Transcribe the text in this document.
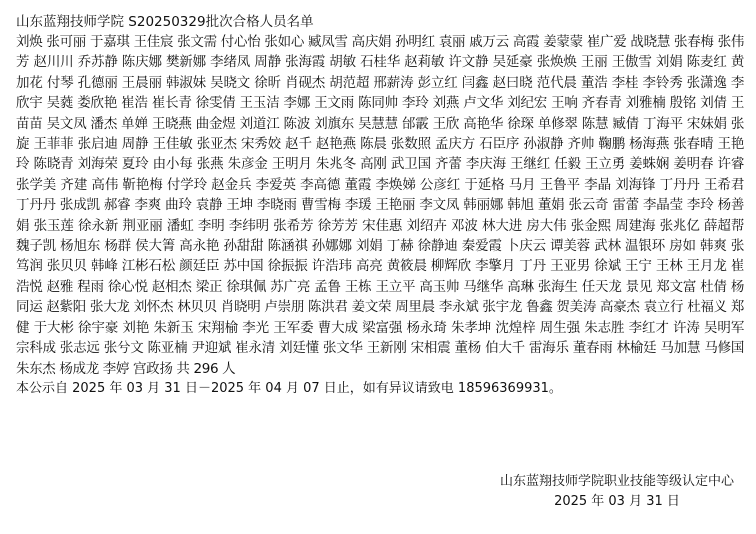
山东蓝翔技师学院 S20250329批次合格人员名单

刘焕 张可丽 于嘉琪 王佳宸 张文需 付心怡 张如心 臧凤雪 高庆娟 孙明红 袁丽 戚万云 高霞 姜蒙蒙 崔广爱 战晓慧 张春梅 张伟芳 赵川川 乔苏静 陈庆娜 樊新娜 李绪凤 周静 张海霞 胡敏 石桂华 赵莉敏 许文静 吴延豪 张焕焕 王丽 王傲雪 刘娟 陈麦红 黄加花 付琴 孔德丽 王晨丽 韩淑妹 吴晓文 徐昕 肖砚杰 胡范超 邢薪涛 彭立红 闫鑫 赵曰晓 范代晨 董浩 李桂 李铃秀 张潇逸 李欣宇 吴蕤 娄欣艳 崔浩 崔长青 徐雯倩 王玉洁 李娜 王文雨 陈同帅 李玲 刘燕 卢文华 刘纪宏 王响 齐春青 刘雅楠 殷铭 刘倩 王苗苗 吴文凤 潘杰 单婵 王晓燕 曲金煜 刘道江 陈波 刘旗东 吴慧慧 邰霰 王欣 高艳华 徐琛 单修翠 陈慧 臧倩 丁海平 宋妹娟 张旋 王菲菲 张启迪 周静 王佳敏 张亚杰 宋秀姣 赵千 赵艳燕 陈晨 张数照 孟庆方 石臣序 孙淑静 齐帅 鞠鹏 杨海燕 张春晴 王艳玲 陈晓青 刘海荣 夏玲 由小每 张燕 朱彦金 王明月 朱兆冬 高刚 武卫国 齐蕾 李庆海 王继红 任毅 王立勇 姜蛛娴 姜明春 许睿 张学美 齐建 高伟 靳艳梅 付学玲 赵金兵 李爱英 李高德 董霞 李焕娣 公彦红 于延格 马月 王鲁平 李晶 刘海锋 丁丹丹 王希君 丁丹丹 张成凯 郝睿 李爽 曲玲 袁静 王坤 李晓雨 曹雪梅 李瑗 王艳丽 李文凤 韩丽娜 韩旭 董娟 张云奇 雷蕾 李晶莹 李玲 杨善娟 张玉莲 徐永新 荆亚丽 潘虹 李明 李纬明 张希芳 徐芳芳 宋佳惠 刘绍卉 邓波 林大进 房大伟 张金熙 周建海 张兆亿 薛超帮 魏子凯 杨旭东 杨群 侯大箐 高永艳 孙甜甜 陈涵祺 孙娜娜 刘娟 丁赫 徐静迪 秦爱霞 卜庆云 谭美蓉 武林 温银环 房如 韩爽 张笃润 张贝贝 韩峰 江彬石松 颜廷臣 苏中国 徐振振 许浩玮 高亮 黄筱晨 柳辉欣 李擎月 丁丹 王亚男 徐斌 王宁 王林 王月龙 崔浩悦 赵雅 程雨 徐心悦 赵相杰 梁正 徐琪佩 苏广亮 孟鲁 王栋 王立平 高玉帅 马继华 高琳 张海生 任天龙 景见 郑文富 杜倩 杨同运 赵紫阳 张大龙 刘怀杰 林贝贝 肖晓明 卢崇朋 陈洪君 姜文荣 周里晨 李永斌 张宇龙 鲁鑫 贺美涛 高豪杰 袁立行 杜福义 郑健 于大彬 徐宇豪 刘艳 朱新玉 宋翔榆 李光 王军委 曹大成 梁富强 杨永琦 朱孝坤 沈煌梓 周生强 朱志胜 李红才 许涛 吴明军 宗科成 张志远 张兮文 陈亚楠 尹迎斌 崔永清 刘廷懂 张文华 王新刚 宋相震 董杨 伯大千 雷海乐 董春雨 林榆廷 马加慧 马修国 朱东杰 杨成龙 李婷 宫政扬 共 296 人

本公示自 2025 年 03 月 31 日－2025 年 04 月 07 日止，如有异议请致电 18596369931。

山东蓝翔技师学院职业技能等级认定中心
2025 年 03 月 31 日
